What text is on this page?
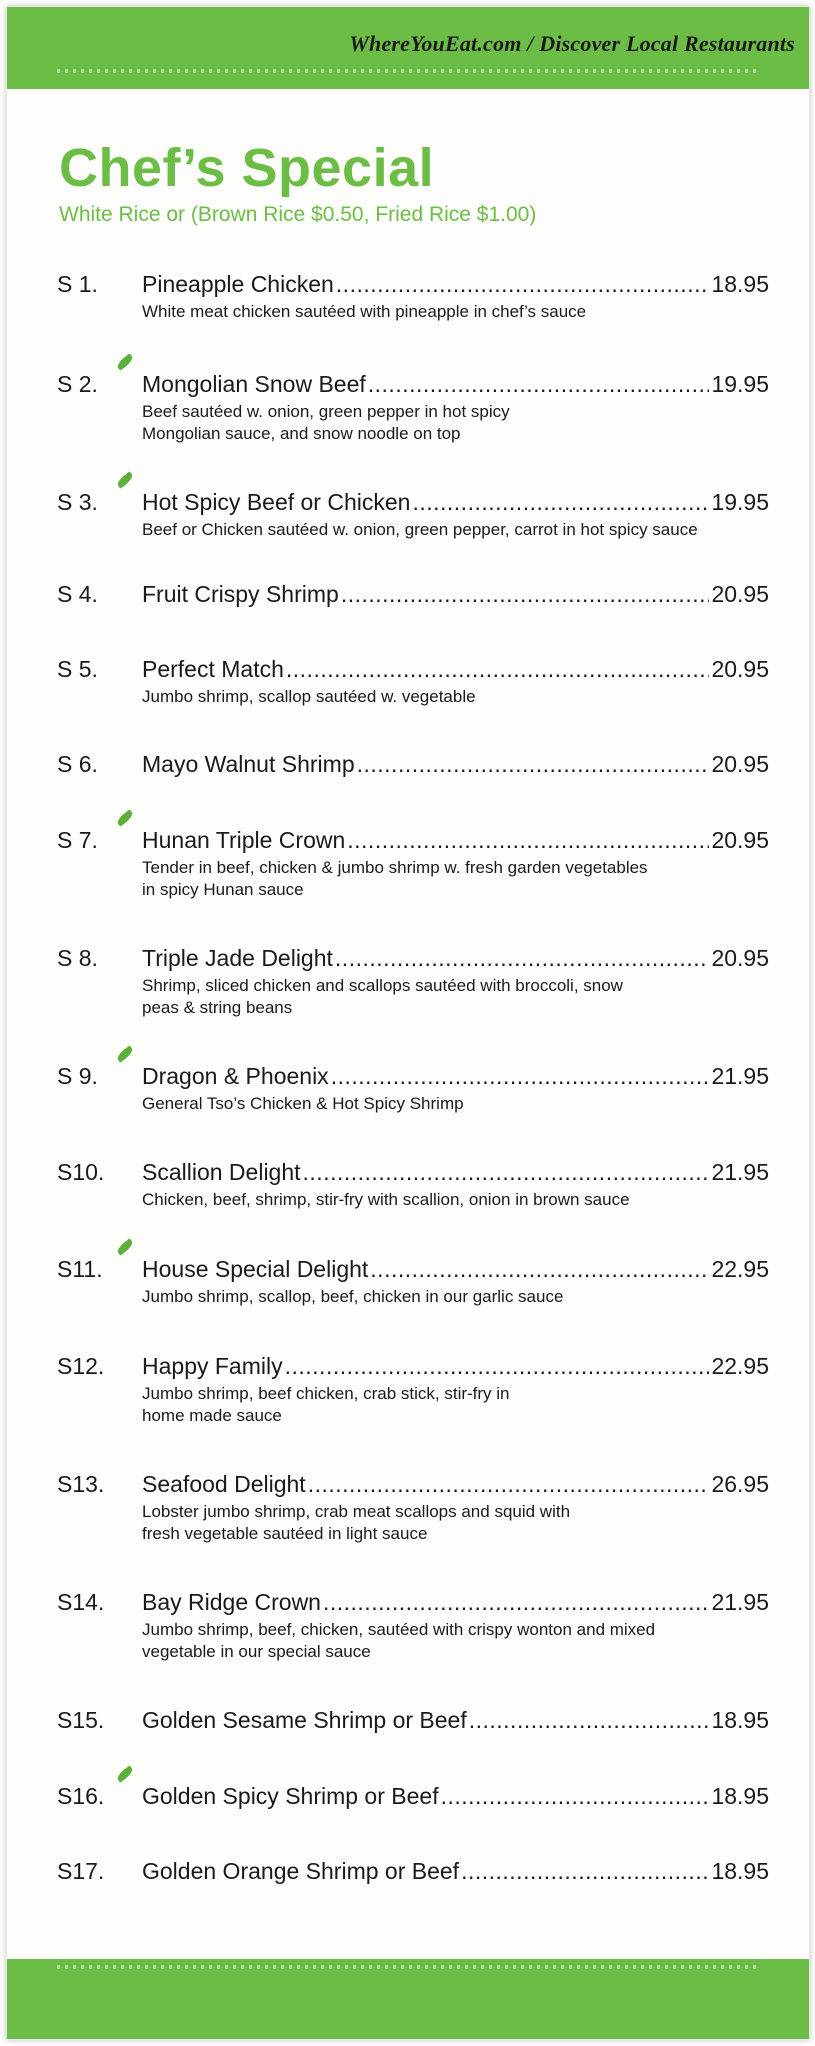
WhereYouEat.com / Discover Local Restaurants
Chef’s Special
White Rice or (Brown Rice $0.50, Fried Rice $1.00)
S 1.	Pineapple Chicken .....	18.95
White meat chicken sautéed with pineapple in chef’s sauce
S 2.	Mongolian Snow Beef .....	19.95
Beef sautéed w. onion, green pepper in hot spicy
Mongolian sauce, and snow noodle on top
S 3.	Hot Spicy Beef or Chicken .....	19.95
Beef or Chicken sautéed w. onion, green pepper, carrot in hot spicy sauce
S 4.	Fruit Crispy Shrimp .....	20.95
S 5.	Perfect Match .....	20.95
Jumbo shrimp, scallop sautéed w. vegetable
S 6.	Mayo Walnut Shrimp .....	20.95
S 7.	Hunan Triple Crown .....	20.95
Tender in beef, chicken & jumbo shrimp w. fresh garden vegetables
in spicy Hunan sauce
S 8.	Triple Jade Delight .....	20.95
Shrimp, sliced chicken and scallops sautéed with broccoli, snow
peas & string beans
S 9.	Dragon & Phoenix .....	21.95
General Tso’s Chicken & Hot Spicy Shrimp
S10.	Scallion Delight .....	21.95
Chicken, beef, shrimp, stir-fry with scallion, onion in brown sauce
S11.	House Special Delight .....	22.95
Jumbo shrimp, scallop, beef, chicken in our garlic sauce
S12.	Happy Family .....	22.95
Jumbo shrimp, beef chicken, crab stick, stir-fry in
home made sauce
S13.	Seafood Delight .....	26.95
Lobster jumbo shrimp, crab meat scallops and squid with
fresh vegetable sautéed in light sauce
S14.	Bay Ridge Crown .....	21.95
Jumbo shrimp, beef, chicken, sautéed with crispy wonton and mixed
vegetable in our special sauce
S15.	Golden Sesame Shrimp or Beef .....	18.95
S16.	Golden Spicy Shrimp or Beef .....	18.95
S17.	Golden Orange Shrimp or Beef .....	18.95
